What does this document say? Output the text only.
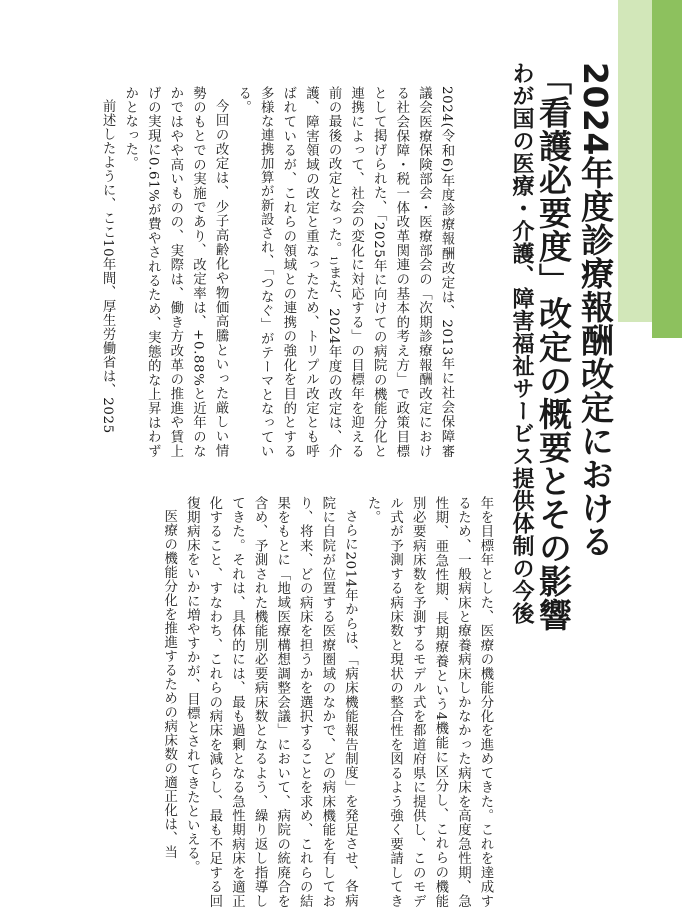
2024年度診療報酬改定における

「看護必要度」改定の概要とその影響

わが国の医療・介護、障害福祉サービス提供体制の今後

年を目標年とした、医療の機能分化を進めてきた。これを達成するため、一般病床と療養病床しかなかった病床を高度急性期、急性期、亜急性期、長期療養という4機能に区分し、これらの機能別必要病床数を予測するモデル式を都道府県に提供し、このモデル式が予測する病床数と現状の整合性を図るよう強く要請してきた。

さらに2014年からは、「病床機能報告制度」を発足させ、各病院に自院が位置する医療圏域のなかで、どの病床機能を有しており、将来、どの病床を担うかを選択することを求め、これらの結果をもとに「地域医療構想調整会議」において、病院の統廃合を含め、予測された機能別必要病床数となるよう、繰り返し指導してきた。それは、具体的には、最も過剰となる急性期病床を適正化すること、すなわち、これらの病床を減らし、最も不足する回復期病床をいかに増やすかが、目標とされてきたといえる。

医療の機能分化を推進するための病床数の適正化は、当

2024(令和6)年度診療報酬改定は、2013年に社会保障審議会医療保険部会・医療部会の「次期診療報酬改定における社会保障・税一体改革関連の基本的考え方」で政策目標として掲げられた、「2025年に向けての病院の機能分化と連携によって、社会の変化に対応する」の目標年を迎える前の最後の改定となった。1)また、2024年度の改定は、介護、障害領域の改定と重なったため、トリプル改定とも呼ばれているが、これらの領域との連携の強化を目的とする多様な連携加算が新設され、「つなぐ」がテーマとなっている。

今回の改定は、少子高齢化や物価高騰といった厳しい情勢のもとでの実施であり、改定率は、+0.88%と近年のなかではやや高いものの、実際は、働き方改革の推進や賃上げの実現に0.61%が費やされるため、実態的な上昇はわずかとなった。

前述したように、ここ10年間、厚生労働省は、2025
